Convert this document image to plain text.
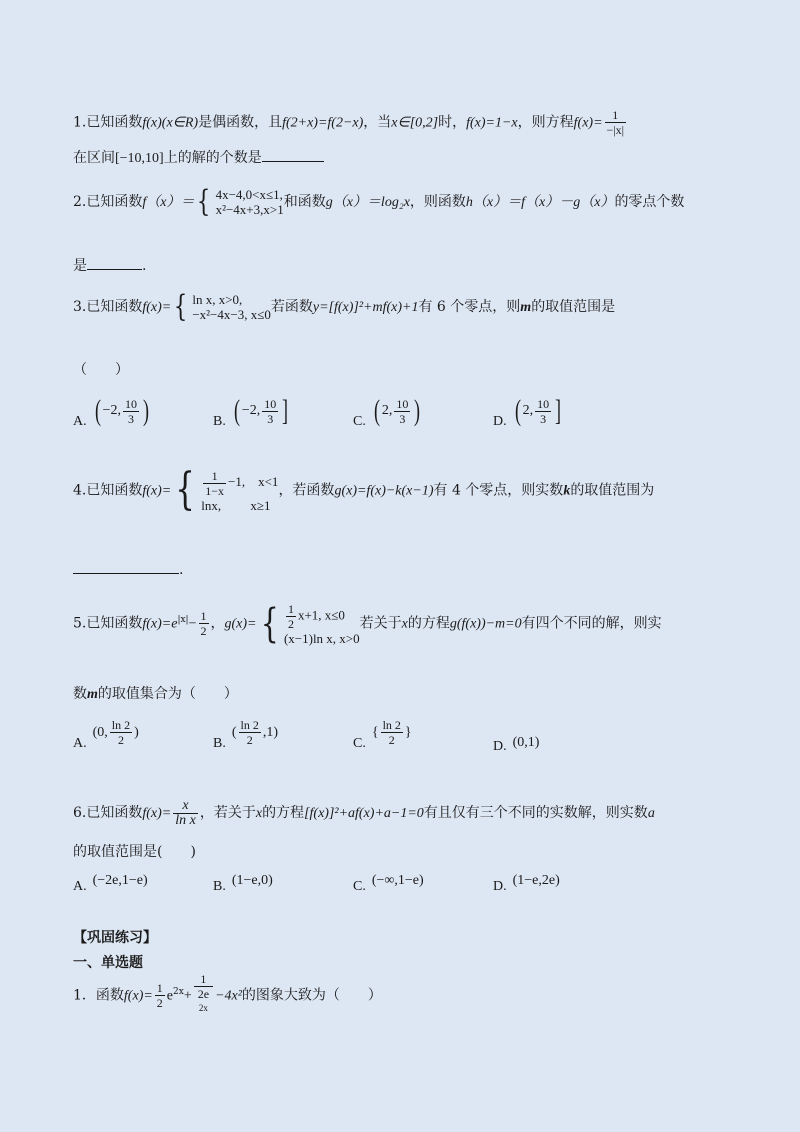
1.已知函数f(x)(x∈R)是偶函数，且f(2+x)=f(2−x)，当x∈[0,2]时，f(x)=1−x，则方程$f(x)= \frac{1}{-|x|}$
在区间[−10,10]上的解的个数是
2.已知函数f（x）＝ { 4x−4,0<x≤1,
x²−4x+3,x>1 和函数g（x）＝log₂x，则函数h（x）＝f（x）－g（x）的零点个数
是	.
3.已知函数f(x)= { ln x, x>0,
−x²−4x−3, x≤0 若函数y=[f(x)]²+mf(x)+1有 6 个零点，则m的取值范围是
（　　）
A. ( −2, $\frac{10}{3}$ )	B. ( −2, $\frac{10}{3}$ ]	C. ( 2, $\frac{10}{3}$ )	D. ( 2, $\frac{10}{3}$ ]
4.已知函数f(x)= { $\frac{1}{1-x} -1$,　x<1
lnx,　　 x≥1
，若函数g(x)=f(x)−k(x−1)有 4 个零点，则实数k的取值范围为
.
5.已知函数$f(x)=e^{|x|}- \frac{1}{2}$ ，g(x)= { $\frac{1}{2} x+1$, x≤0
(x−1)ln x, x>0
若关于x的方程g(f(x))−m=0有四个不同的解，则实
数m的取值集合为（　　）
A.
(0, $\frac{\ln 2}{2}$ )
B.
( $\frac{\ln 2}{2} ,1$)
C.
{ $\frac{\ln 2}{2}$ }
D. (0,1)
6.已知函数$f(x)= \frac{x}{\text{ln x}}$ ，若关于x的方程[f(x)]²+af(x)+a−1=0有且仅有三个不同的实数解，则实数a
的取值范围是(　　)
A. (−2e,1−e)	B. (1−e,0)	C. (−∞,1−e)	D. (1−e,2e)
【巩固练习】
一、单选题
1．函数$f(x)= \frac{1}{2} e^{2x}+ 1$
2e
$^{2x}$ −4x²的图象大致为（　　）
